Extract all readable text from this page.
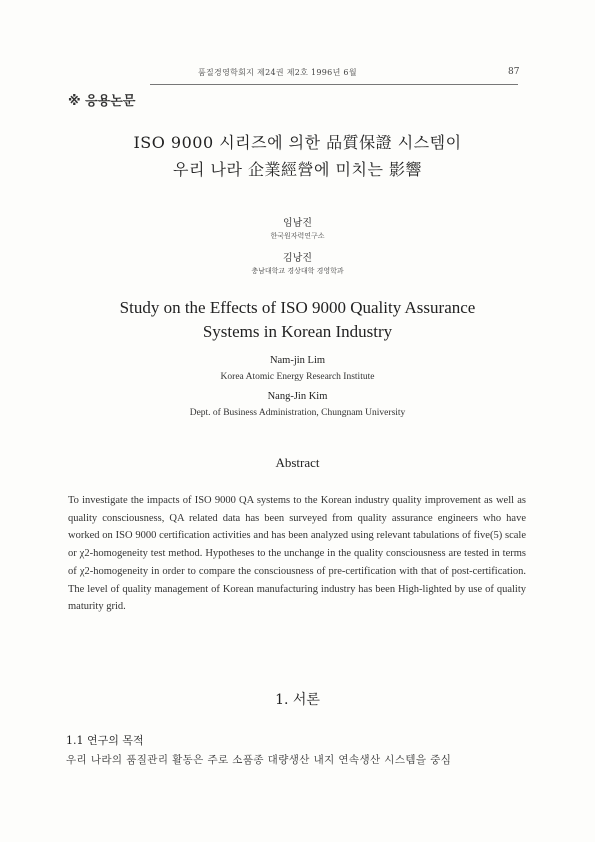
품질경영학회지 제24권 제2호 1996년 6월	87
※ 응용논문
ISO 9000 시리즈에 의한 品質保證 시스템이
우리 나라 企業經營에 미치는 影響
임남진
한국원자력연구소
김낭진
충남대학교 경상대학 경영학과
Study on the Effects of ISO 9000 Quality Assurance
Systems in Korean Industry
Nam-jin Lim
Korea Atomic Energy Research Institute
Nang-Jin Kim
Dept. of Business Administration, Chungnam University
Abstract
To investigate the impacts of ISO 9000 QA systems to the Korean industry quality improvement as well as quality consciousness, QA related data has been surveyed from quality assurance engineers who have worked on ISO 9000 certification activities and has been analyzed using relevant tabulations of five(5) scale or χ2-homogeneity test method. Hypotheses to the unchange in the quality consciousness are tested in terms of χ2-homogeneity in order to compare the consciousness of pre-certification with that of post-certification. The level of quality management of Korean manufacturing industry has been High-lighted by use of quality maturity grid.
1. 서론
1.1 연구의 목적
우리 나라의 품질관리 활동은 주로 소품종 대량생산 내지 연속생산 시스템을 중심
